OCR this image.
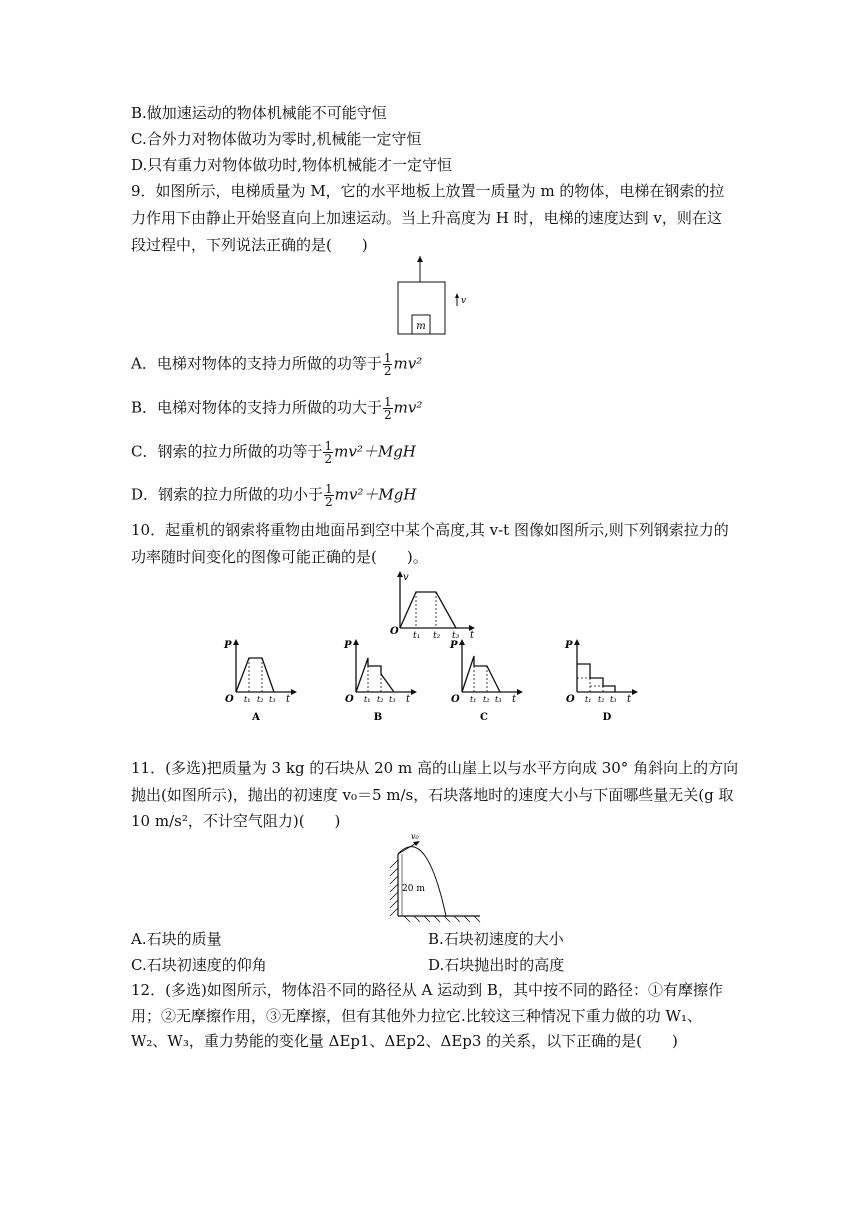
B.做加速运动的物体机械能不可能守恒
C.合外力对物体做功为零时,机械能一定守恒
D.只有重力对物体做功时,物体机械能才一定守恒
9．如图所示，电梯质量为 M，它的水平地板上放置一质量为 m 的物体，电梯在钢索的拉
力作用下由静止开始竖直向上加速运动。当上升高度为 H 时，电梯的速度达到 v，则在这
段过程中，下列说法正确的是(　　)
m
v
A．电梯对物体的支持力所做的功等于 $\frac{1}{2} mv^2$
B．电梯对物体的支持力所做的功大于 $\frac{1}{2} mv^2$
C．钢索的拉力所做的功等于 $\frac{1}{2} mv^2+MgH$
D．钢索的拉力所做的功小于 $\frac{1}{2} mv^2+MgH$
10．起重机的钢索将重物由地面吊到空中某个高度,其 v-t 图像如图所示,则下列钢索拉力的
功率随时间变化的图像可能正确的是(　　)。
v
O t₁ t₂ t₃ t
P
O t₁ t₂ t₃ t
A
P
O t₁ t₂ t₃ t
B
P
O t₁ t₂ t₃ t
C
P
O t₁ t₂ t₃ t
D
11．(多选)把质量为 3 kg 的石块从 20 m 高的山崖上以与水平方向成 30° 角斜向上的方向
抛出(如图所示)，抛出的初速度 v₀＝5 m/s，石块落地时的速度大小与下面哪些量无关(g 取
10 m/s²，不计空气阻力)(　　)
v₀
20 m
A.石块的质量	B.石块初速度的大小
C.石块初速度的仰角	D.石块抛出时的高度
12．(多选)如图所示，物体沿不同的路径从 A 运动到 B，其中按不同的路径：①有摩擦作
用；②无摩擦作用，③无摩擦，但有其他外力拉它.比较这三种情况下重力做的功 W₁、
W₂、W₃，重力势能的变化量 ΔEp1、ΔEp2、ΔEp3 的关系，以下正确的是(　　)
